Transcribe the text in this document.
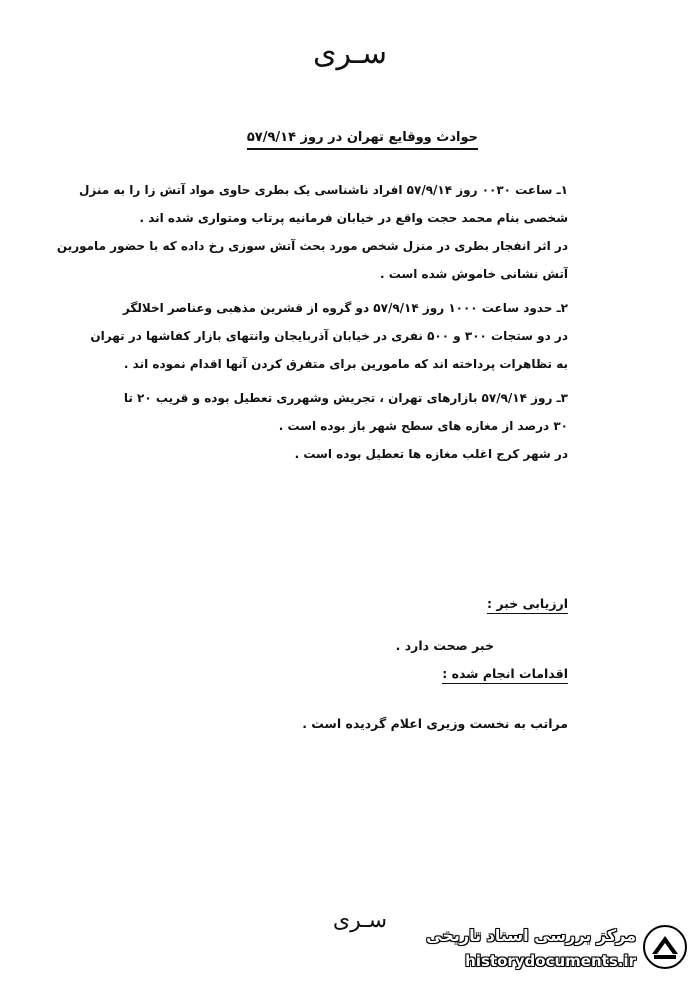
سـری
حوادث ووقایع تهران در روز ۵۷/۹/۱۴
۱ـ ساعت ۰۰۳۰ روز ۵۷/۹/۱۴ افراد ناشناسی یک بطری حاوی مواد آتش زا را به منزل
شخصی بنام محمد حجت واقع در خیابان فرمانیه پرتاب ومتواری شده اند .
در اثر انفجار بطری در منزل شخص مورد بحث آتش سوزی رخ داده که با حضور مامورین
آتش نشانی خاموش شده است .
۲ـ حدود ساعت ۱۰۰۰ روز ۵۷/۹/۱۴ دو گروه از قشرین مذهبی وعناصر اخلالگر
در دو ستجات ۳۰۰ و ۵۰۰ نفری در خیابان آذربایجان وانتهای بازار کفاشها در تهران
به تظاهرات پرداخته اند که مامورین برای متفرق کردن آنها اقدام نموده اند .
۳ـ روز ۵۷/۹/۱۴ بازارهای تهران ، تجریش وشهرری تعطیل بوده و قریب ۲۰ تا
۳۰ درصد از مغازه های سطح شهر باز بوده است .
در شهر کرج اغلب مغازه ها تعطیل بوده است .
ارزیابی خبر :
خبر صحت دارد .
اقدامات انجام شده :
مراتب به نخست وزیری اعلام گردیده است .
سـری
مرکز بررسی اسناد تاریخی
historydocuments.ir
